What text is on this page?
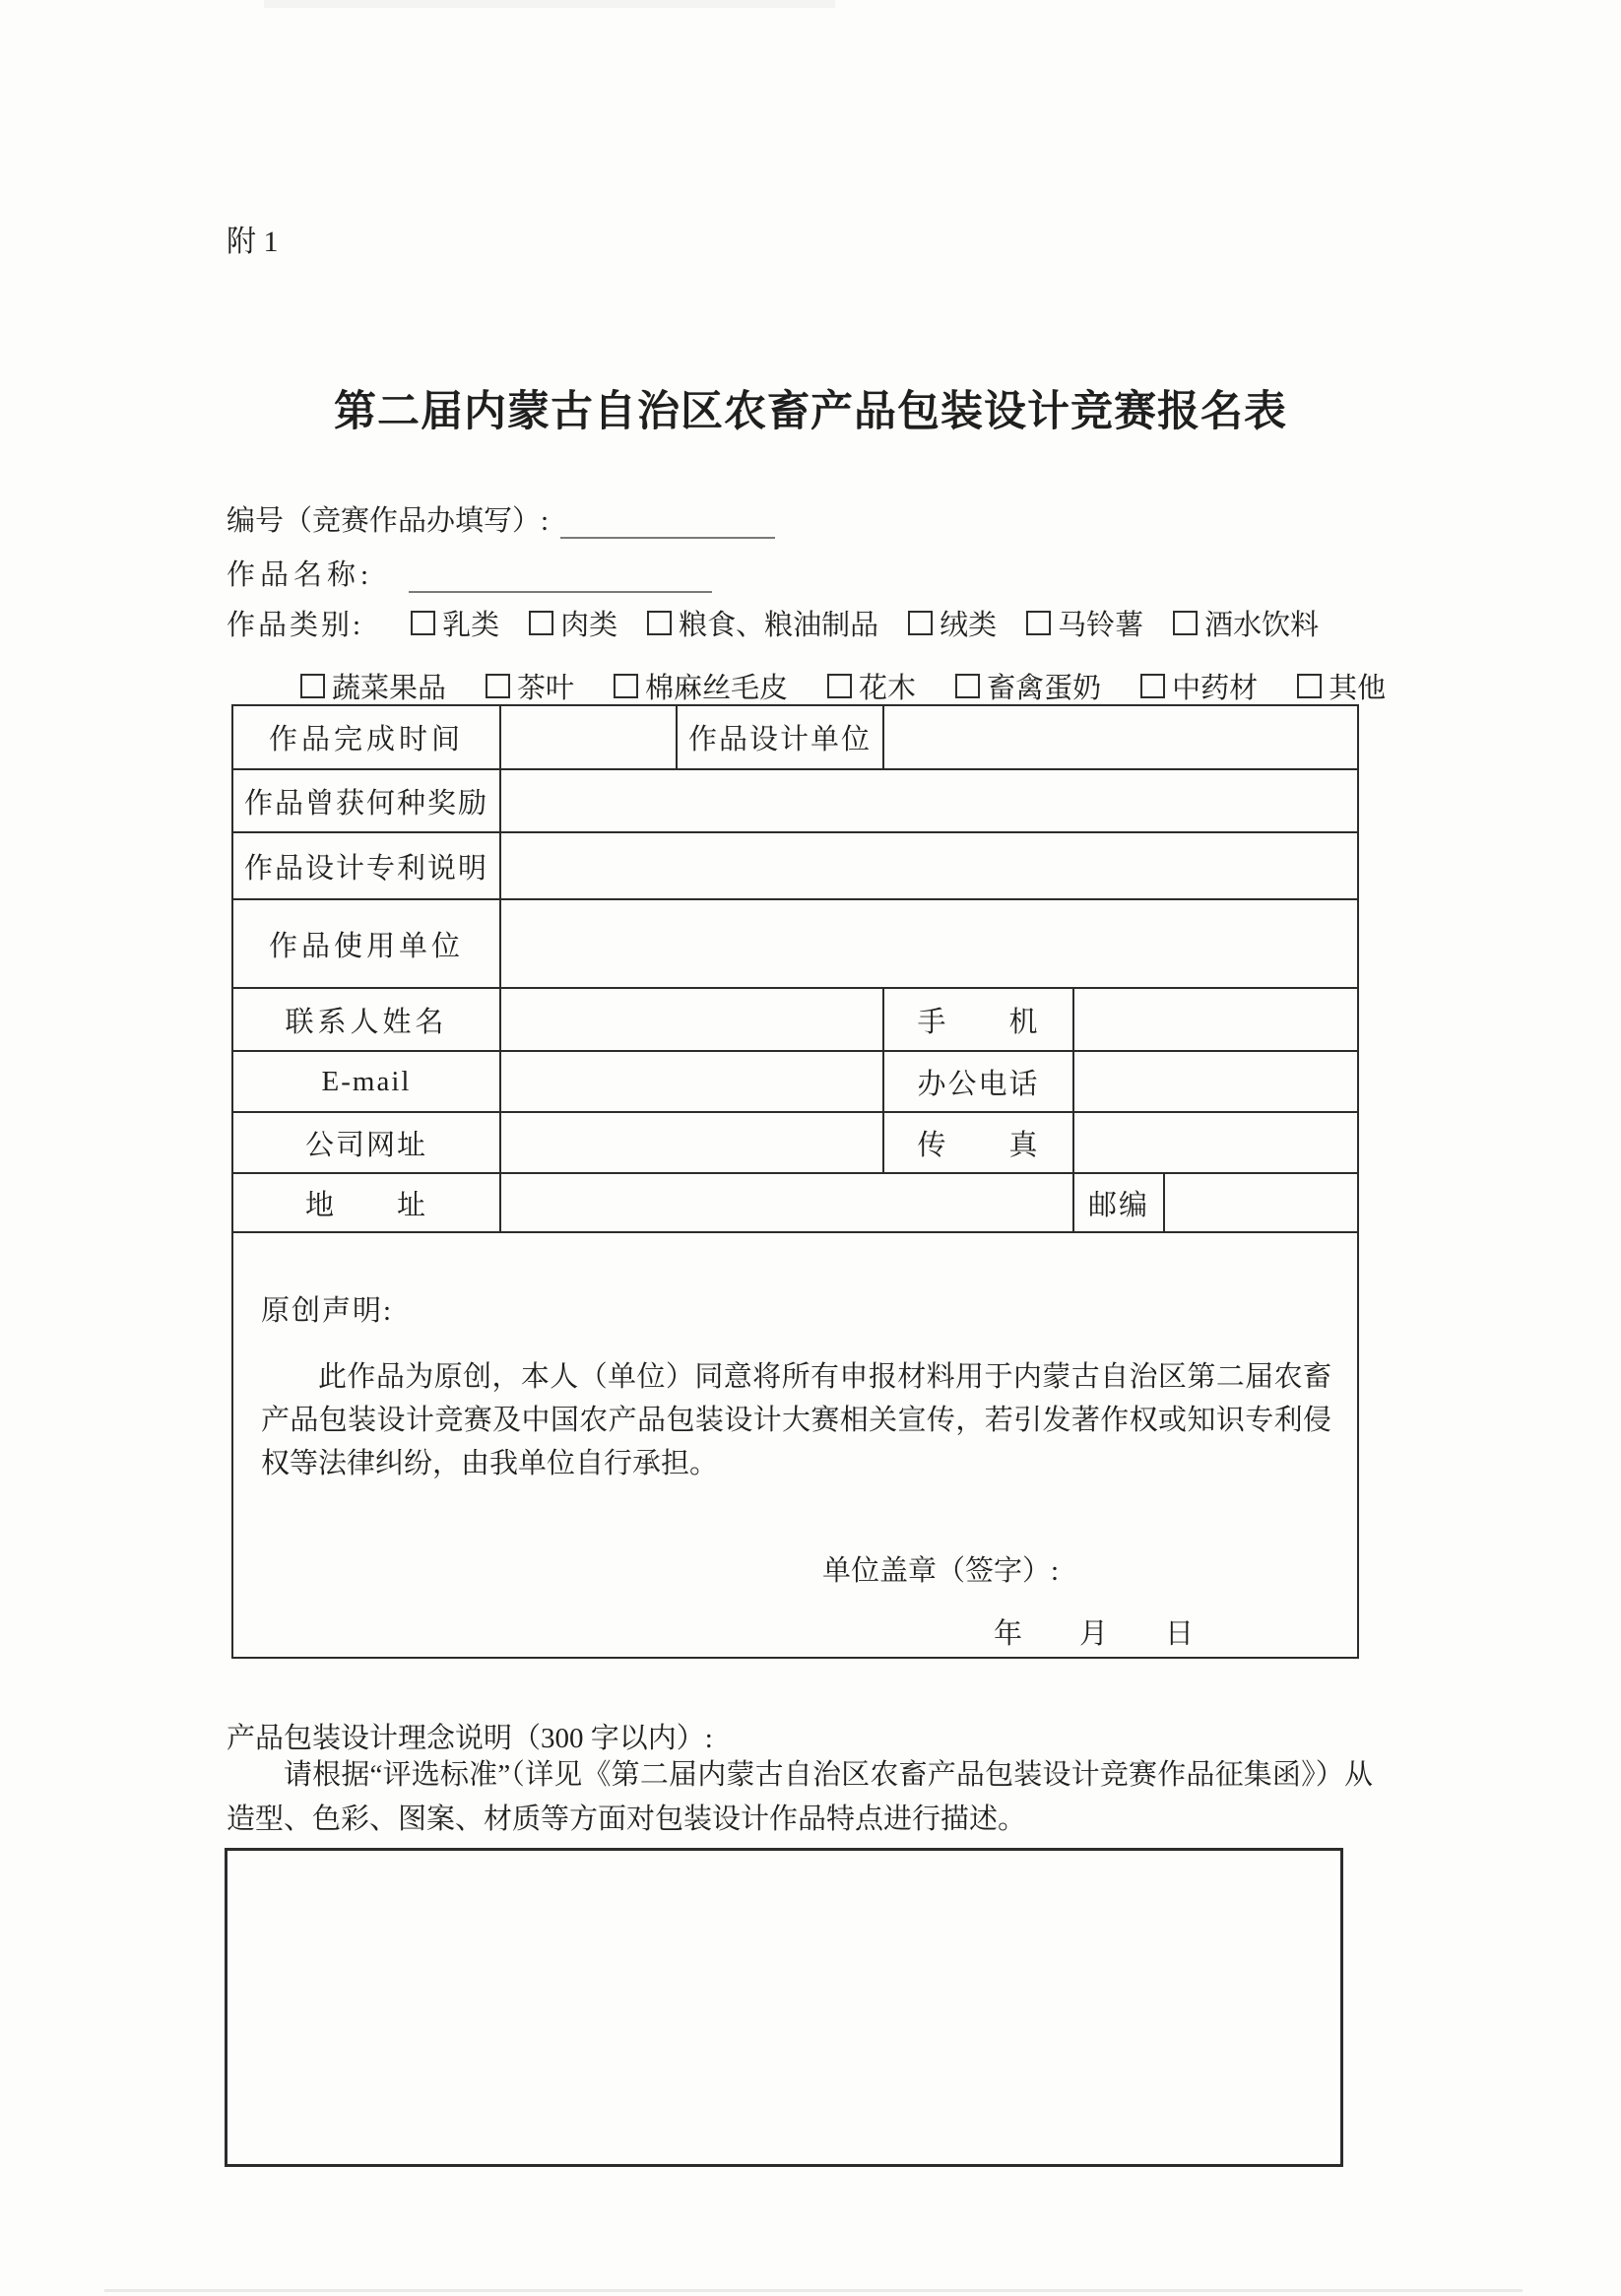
附 1
第二届内蒙古自治区农畜产品包装设计竞赛报名表
编号（竞赛作品办填写）:
作品名称:
作品类别:	乳类 肉类 粮食、粮油制品 绒类 马铃薯 酒水饮料
蔬菜果品 茶叶 棉麻丝毛皮 花木 畜禽蛋奶 中药材 其他
作品完成时间		作品设计单位			
作品曾获何种奖励					
作品设计专利说明					
作品使用单位					
联系人姓名			手　　机		
E-mail			办公电话		
公司网址			传　　真		
地　　址				邮编	

原创声明:
此作品为原创，本人（单位）同意将所有申报材料用于内蒙古自治区第二届农畜产品包装设计竞赛及中国农产品包装设计大赛相关宣传，若引发著作权或知识专利侵权等法律纠纷，由我单位自行承担。
单位盖章（签字）:
年　　月　　日					
产品包装设计理念说明（300 字以内）:
请根据“评选标准”（详见《第二届内蒙古自治区农畜产品包装设计竞赛作品征集函》）从造型、色彩、图案、材质等方面对包装设计作品特点进行描述。
